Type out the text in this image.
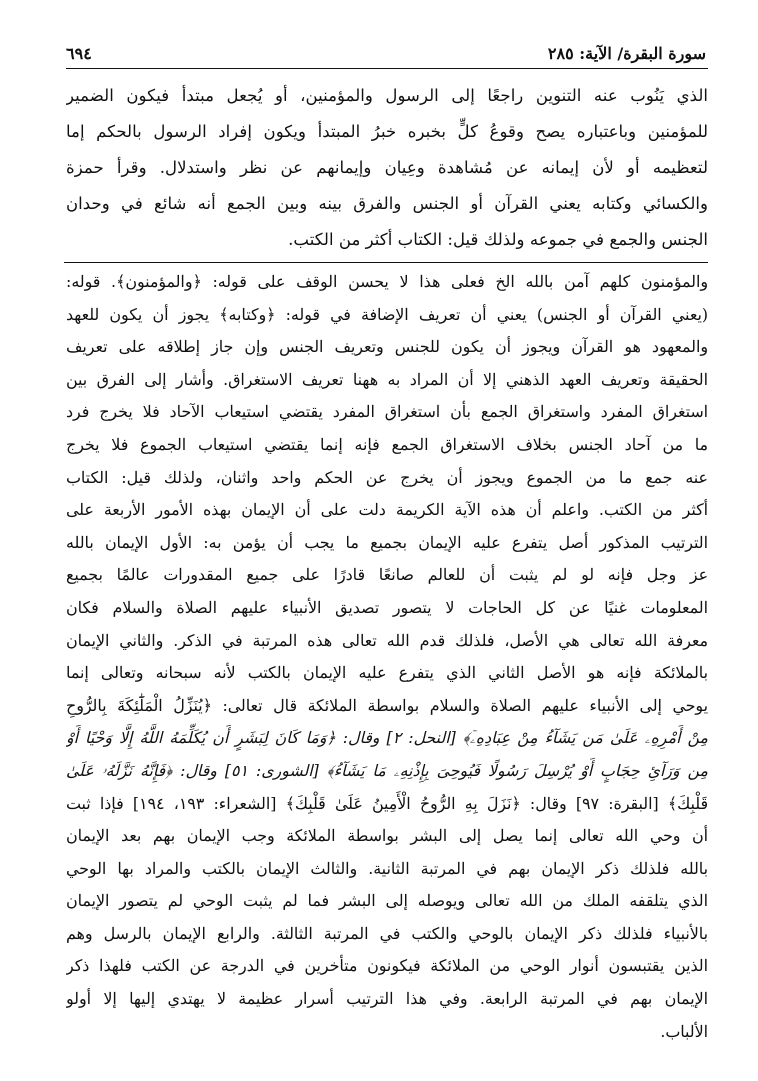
٦٩٤	سورة البقرة/ الآية: ٢٨٥
الذي يَنُوب عنه التنوين راجعًا إلى الرسول والمؤمنين، أو يُجعل مبتدأ فيكون الضمير
للمؤمنين وباعتباره يصح وقوعُ كلٍّ بخبره خبرُ المبتدأ ويكون إفراد الرسول بالحكم إما
لتعظيمه أو لأن إيمانه عن مُشاهدة وعِيان وإيمانهم عن نظر واستدلال. وقرأ حمزة
والكسائي وكتابه يعني القرآن أو الجنس والفرق بينه وبين الجمع أنه شائع في وحدان
الجنس والجمع في جموعه ولذلك قيل: الكتاب أكثر من الكتب.
والمؤمنون كلهم آمن بالله الخ فعلى هذا لا يحسن الوقف على قوله: ﴿والمؤمنون﴾. قوله:
(يعني القرآن أو الجنس) يعني أن تعريف الإضافة في قوله: ﴿وكتابه﴾ يجوز أن يكون للعهد
والمعهود هو القرآن ويجوز أن يكون للجنس وتعريف الجنس وإن جاز إطلاقه على تعريف
الحقيقة وتعريف العهد الذهني إلا أن المراد به ههنا تعريف الاستغراق. وأشار إلى الفرق بين
استغراق المفرد واستغراق الجمع بأن استغراق المفرد يقتضي استيعاب الآحاد فلا يخرج فرد
ما من آحاد الجنس بخلاف الاستغراق الجمع فإنه إنما يقتضي استيعاب الجموع فلا يخرج
عنه جمع ما من الجموع ويجوز أن يخرج عن الحكم واحد واثنان، ولذلك قيل: الكتاب
أكثر من الكتب. واعلم أن هذه الآية الكريمة دلت على أن الإيمان بهذه الأمور الأربعة على
الترتيب المذكور أصل يتفرع عليه الإيمان بجميع ما يجب أن يؤمن به: الأول الإيمان بالله
عز وجل فإنه لو لم يثبت أن للعالم صانعًا قادرًا على جميع المقدورات عالمًا بجميع
المعلومات غنيًا عن كل الحاجات لا يتصور تصديق الأنبياء عليهم الصلاة والسلام فكان
معرفة الله تعالى هي الأصل، فلذلك قدم الله تعالى هذه المرتبة في الذكر. والثاني الإيمان
بالملائكة فإنه هو الأصل الثاني الذي يتفرع عليه الإيمان بالكتب لأنه سبحانه وتعالى إنما
يوحي إلى الأنبياء عليهم الصلاة والسلام بواسطة الملائكة قال تعالى: ﴿يُنَزِّلُ الْمَلَٰٓئِكَةَ بِالرُّوحِ
مِنْ أَمْرِهِۦ عَلَىٰ مَن يَشَآءُ مِنْ عِبَادِهِۦٓ﴾ [النحل: ٢] وقال: ﴿وَمَا كَانَ لِبَشَرٍ أَن يُكَلِّمَهُ اللَّهُ إِلَّا وَحْيًا أَوْ
مِن وَرَآئِ حِجَابٍ أَوْ يُرْسِلَ رَسُولًا فَيُوحِىَ بِإِذْنِهِۦ مَا يَشَآءُ﴾ [الشورى: ٥١] وقال: ﴿فَإِنَّهُ نَزَّلَهُۥ عَلَىٰ
قَلْبِكَ﴾ [البقرة: ٩٧] وقال: ﴿نَزَلَ بِهِ الرُّوحُ الْأَمِينُ عَلَىٰ قَلْبِكَ﴾ [الشعراء: ١٩٣، ١٩٤] فإذا ثبت
أن وحي الله تعالى إنما يصل إلى البشر بواسطة الملائكة وجب الإيمان بهم بعد الإيمان
بالله فلذلك ذكر الإيمان بهم في المرتبة الثانية. والثالث الإيمان بالكتب والمراد بها الوحي
الذي يتلقفه الملك من الله تعالى ويوصله إلى البشر فما لم يثبت الوحي لم يتصور الإيمان
بالأنبياء فلذلك ذكر الإيمان بالوحي والكتب في المرتبة الثالثة. والرابع الإيمان بالرسل وهم
الذين يقتبسون أنوار الوحي من الملائكة فيكونون متأخرين في الدرجة عن الكتب فلهذا ذكر
الإيمان بهم في المرتبة الرابعة. وفي هذا الترتيب أسرار عظيمة لا يهتدي إليها إلا أولو
الألباب.
